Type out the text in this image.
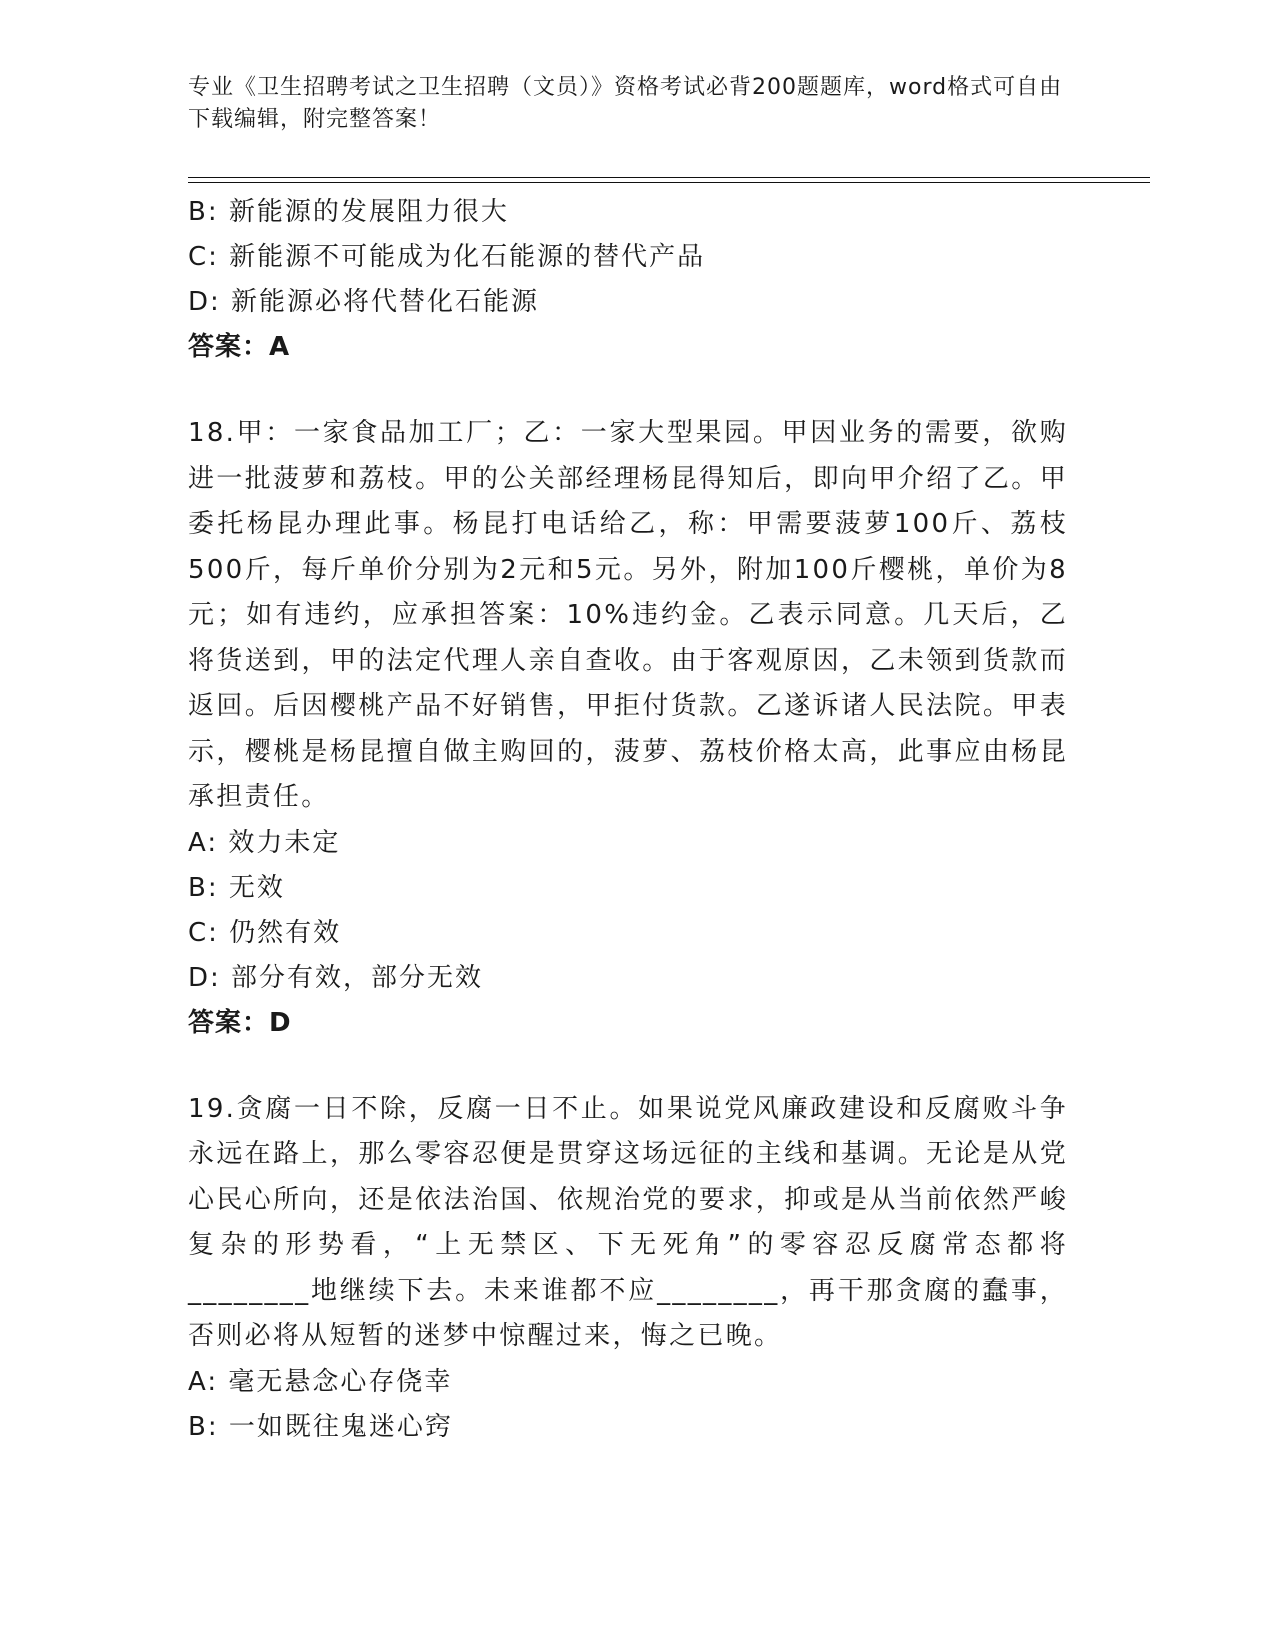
专业《卫生招聘考试之卫生招聘（文员）》资格考试必背200题题库，word格式可自由下载编辑，附完整答案！
B: 新能源的发展阻力很大
C: 新能源不可能成为化石能源的替代产品
D: 新能源必将代替化石能源
答案：A

18.甲：一家食品加工厂；乙：一家大型果园。甲因业务的需要，欲购进一批菠萝和荔枝。甲的公关部经理杨昆得知后，即向甲介绍了乙。甲委托杨昆办理此事。杨昆打电话给乙，称：甲需要菠萝100斤、荔枝500斤，每斤单价分别为2元和5元。另外，附加100斤樱桃，单价为8元；如有违约，应承担答案：10%违约金。乙表示同意。几天后，乙将货送到，甲的法定代理人亲自查收。由于客观原因，乙未领到货款而返回。后因樱桃产品不好销售，甲拒付货款。乙遂诉诸人民法院。甲表示，樱桃是杨昆擅自做主购回的，菠萝、荔枝价格太高，此事应由杨昆承担责任。

A: 效力未定
B: 无效
C: 仍然有效
D: 部分有效，部分无效
答案：D

19.贪腐一日不除，反腐一日不止。如果说党风廉政建设和反腐败斗争永远在路上，那么零容忍便是贯穿这场远征的主线和基调。无论是从党心民心所向，还是依法治国、依规治党的要求，抑或是从当前依然严峻复杂的形势看，“上无禁区、下无死角”的零容忍反腐常态都将________地继续下去。未来谁都不应________，再干那贪腐的蠢事，否则必将从短暂的迷梦中惊醒过来，悔之已晚。

A: 毫无悬念心存侥幸
B: 一如既往鬼迷心窍
